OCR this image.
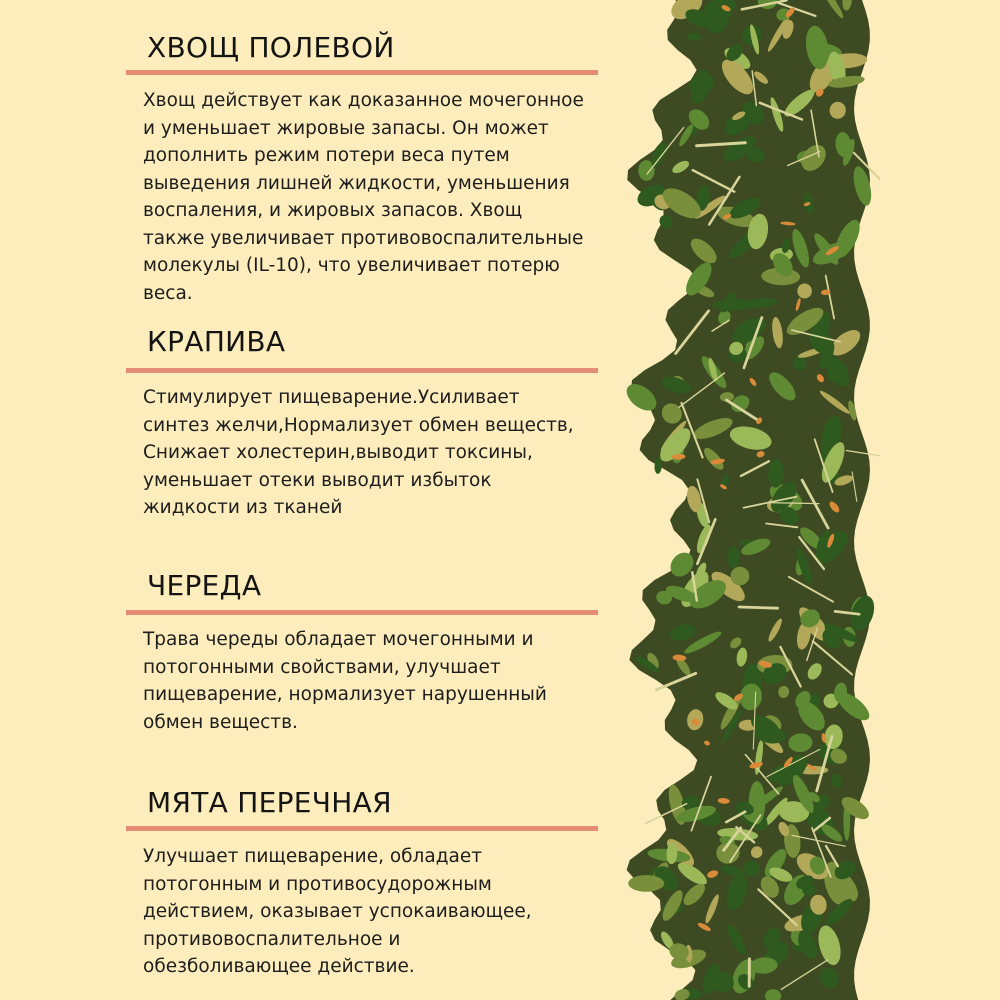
ХВОЩ ПОЛЕВОЙ
Хвощ действует как доказанное мочегонное
и уменьшает жировые запасы. Он может
дополнить режим потери веса путем
выведения лишней жидкости, уменьшения
воспаления, и жировых запасов. Хвощ
также увеличивает противовоспалительные
молекулы (IL-10), что увеличивает потерю
веса.
КРАПИВА
Стимулирует пищеварение.Усиливает
синтез желчи,Нормализует обмен веществ,
Снижает холестерин,выводит токсины,
уменьшает отеки выводит избыток
жидкости из тканей
ЧЕРЕДА
Трава череды обладает мочегонными и
потогонными свойствами, улучшает
пищеварение, нормализует нарушенный
обмен веществ.
МЯТА ПЕРЕЧНАЯ
Улучшает пищеварение, обладает
потогонным и противосудорожным
действием, оказывает успокаивающее,
противовоспалительное и
обезболивающее действие.
